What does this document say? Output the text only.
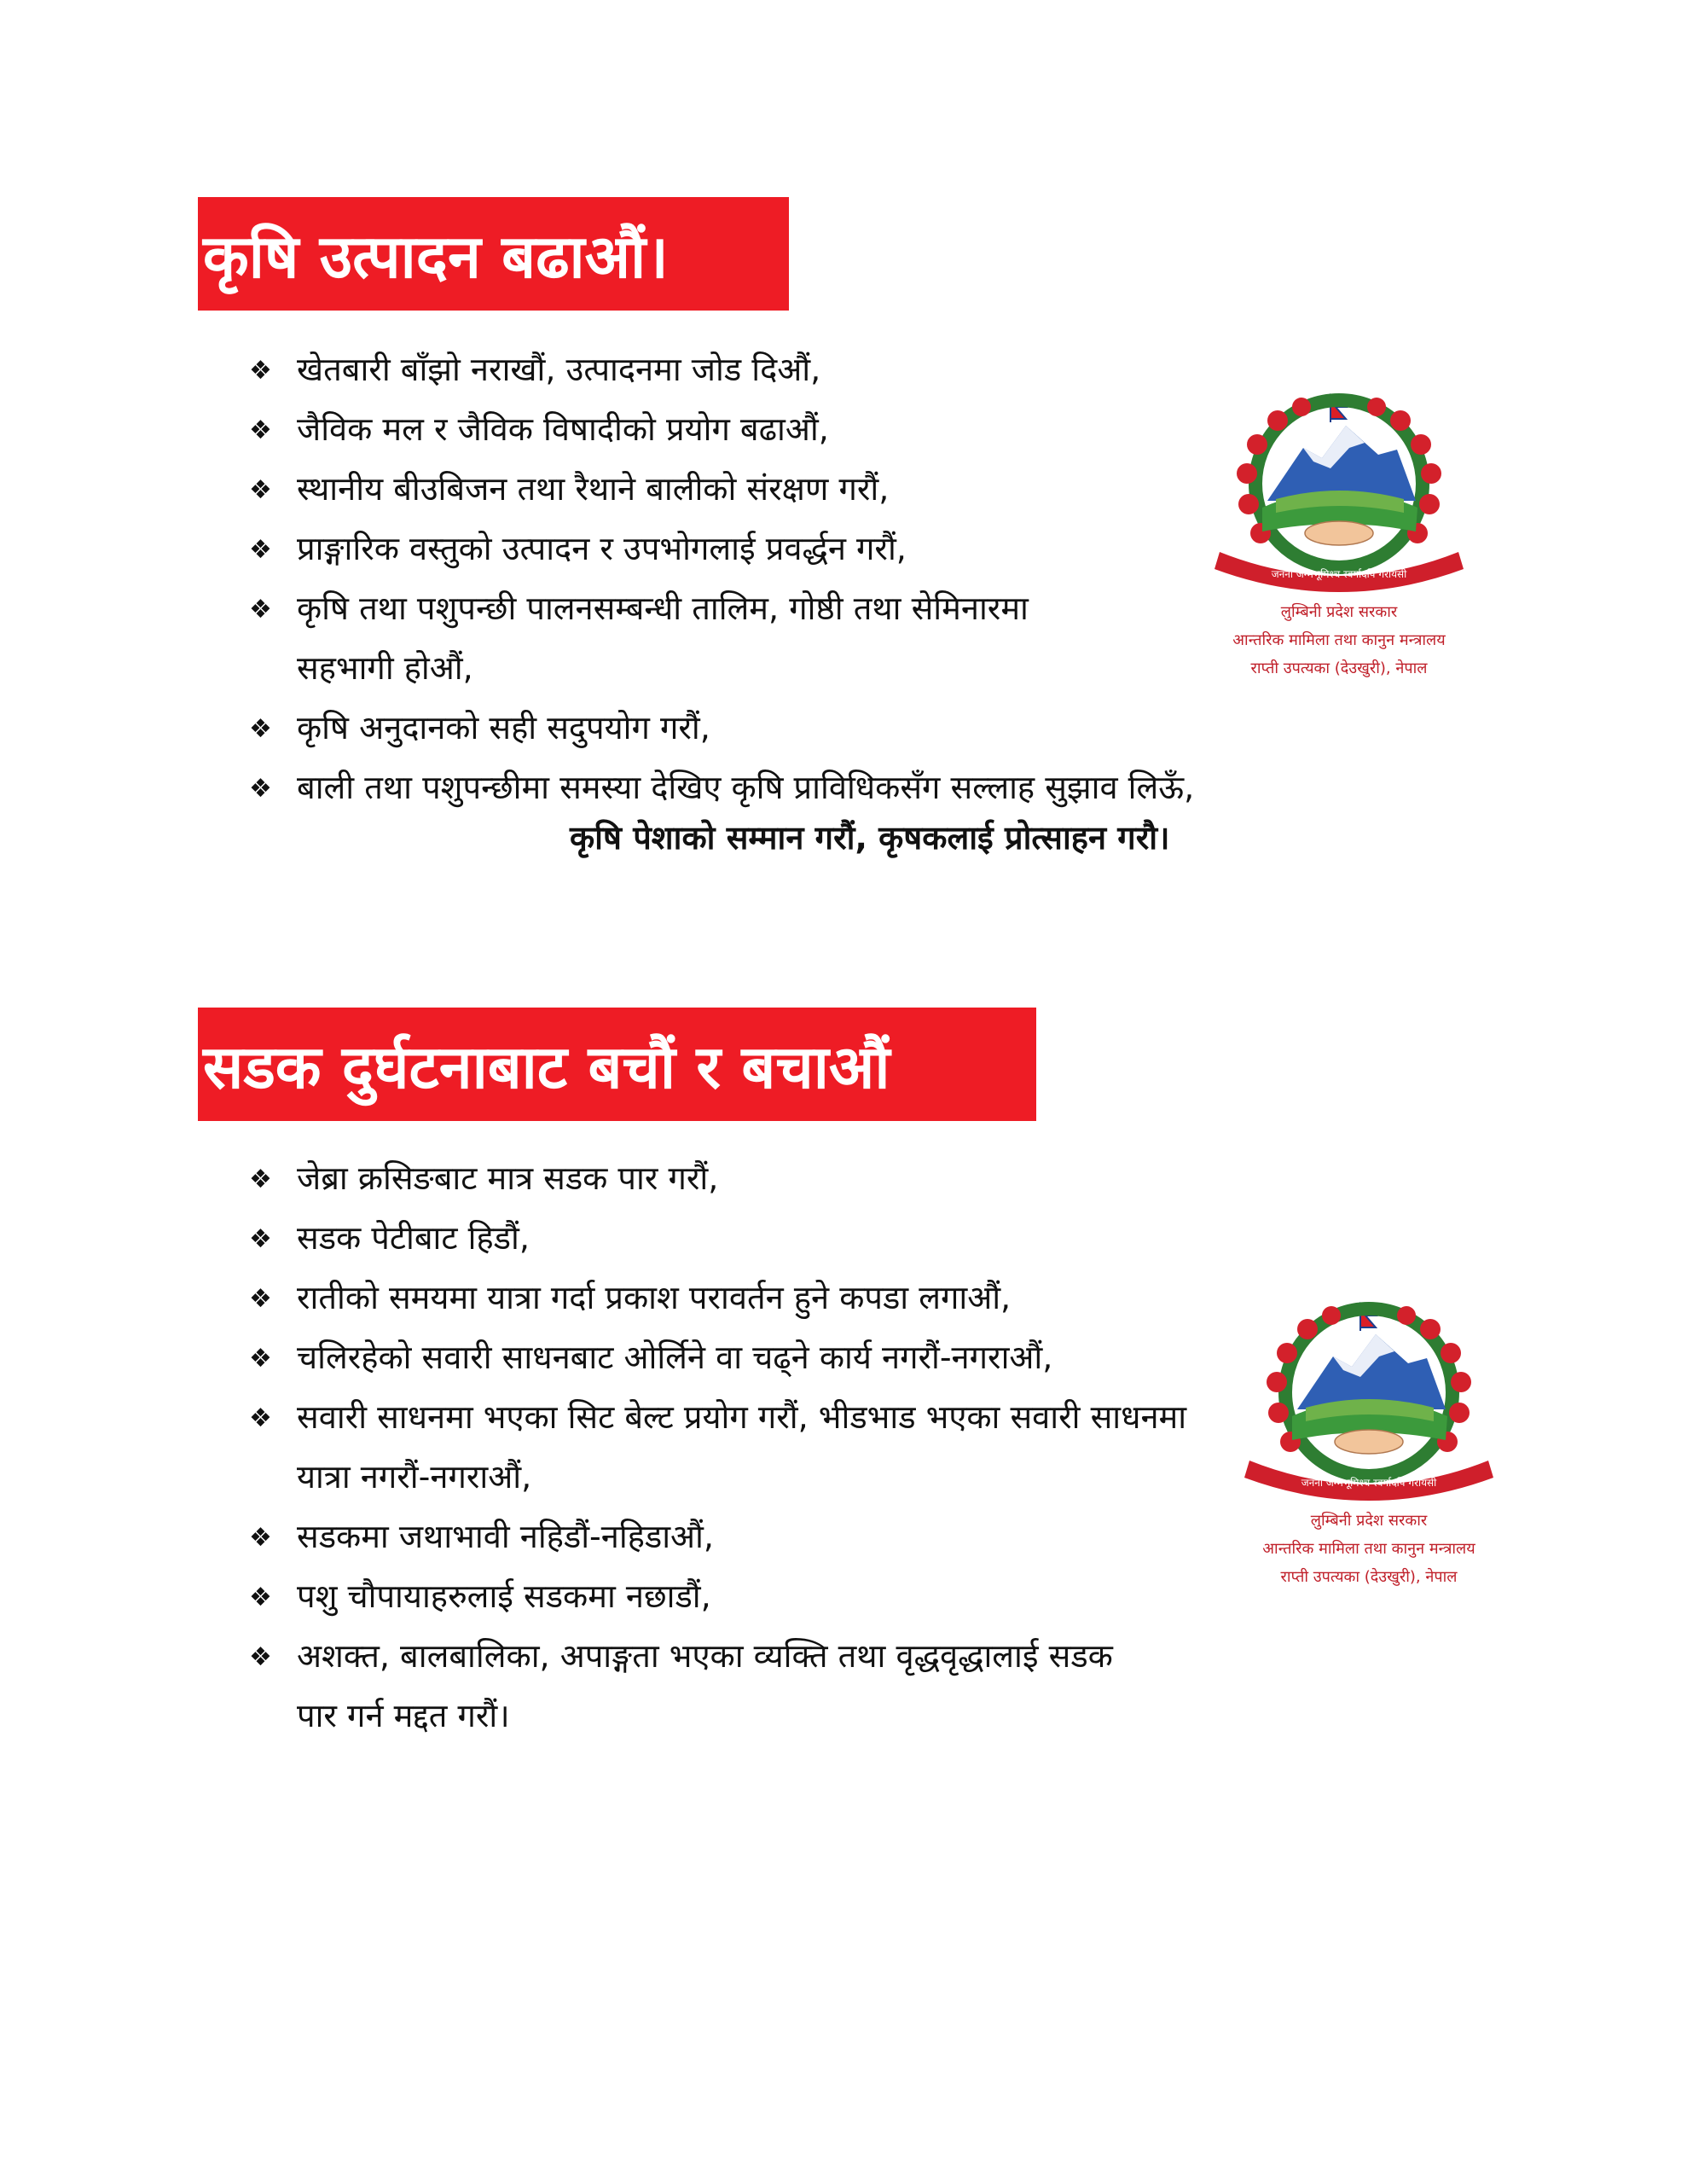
कृषि उत्पादन बढाऔं।
❖
खेतबारी बाँझो नराखौं, उत्पादनमा जोड दिऔं,
❖
जैविक मल र जैविक विषादीको प्रयोग बढाऔं,
❖
स्थानीय बीउबिजन तथा रैथाने बालीको संरक्षण गरौं,
❖
प्राङ्गारिक वस्तुको उत्पादन र उपभोगलाई प्रवर्द्धन गरौं,
❖
कृषि तथा पशुपन्छी पालनसम्बन्धी तालिम, गोष्ठी तथा सेमिनारमा सहभागी होऔं,
❖
कृषि अनुदानको सही सदुपयोग गरौं,
❖
बाली तथा पशुपन्छीमा समस्या देखिए कृषि प्राविधिकसँग सल्लाह सुझाव लिऊँ,
कृषि पेशाको सम्मान गरौं, कृषकलाई प्रोत्साहन गरौ।
जननी जन्मभूमिश्च स्वर्गादपि गरीयसी
लुम्बिनी प्रदेश सरकार
आन्तरिक मामिला तथा कानुन मन्त्रालय
राप्ती उपत्यका (देउखुरी), नेपाल
सडक दुर्घटनाबाट बचौं र बचाऔं
❖
जेब्रा क्रसिङबाट मात्र सडक पार गरौं,
❖
सडक पेटीबाट हिडौं,
❖
रातीको समयमा यात्रा गर्दा प्रकाश परावर्तन हुने कपडा लगाऔं,
❖
चलिरहेको सवारी साधनबाट ओर्लिने वा चढ्ने कार्य नगरौं-नगराऔं,
❖
सवारी साधनमा भएका सिट बेल्ट प्रयोग गरौं, भीडभाड भएका सवारी साधनमा यात्रा नगरौं-नगराऔं,
❖
सडकमा जथाभावी नहिडौं-नहिडाऔं,
❖
पशु चौपायाहरुलाई सडकमा नछाडौं,
❖
अशक्त, बालबालिका, अपाङ्गता भएका व्यक्ति तथा वृद्धवृद्धालाई सडक पार गर्न मद्दत गरौं।
जननी जन्मभूमिश्च स्वर्गादपि गरीयसी
लुम्बिनी प्रदेश सरकार
आन्तरिक मामिला तथा कानुन मन्त्रालय
राप्ती उपत्यका (देउखुरी), नेपाल
